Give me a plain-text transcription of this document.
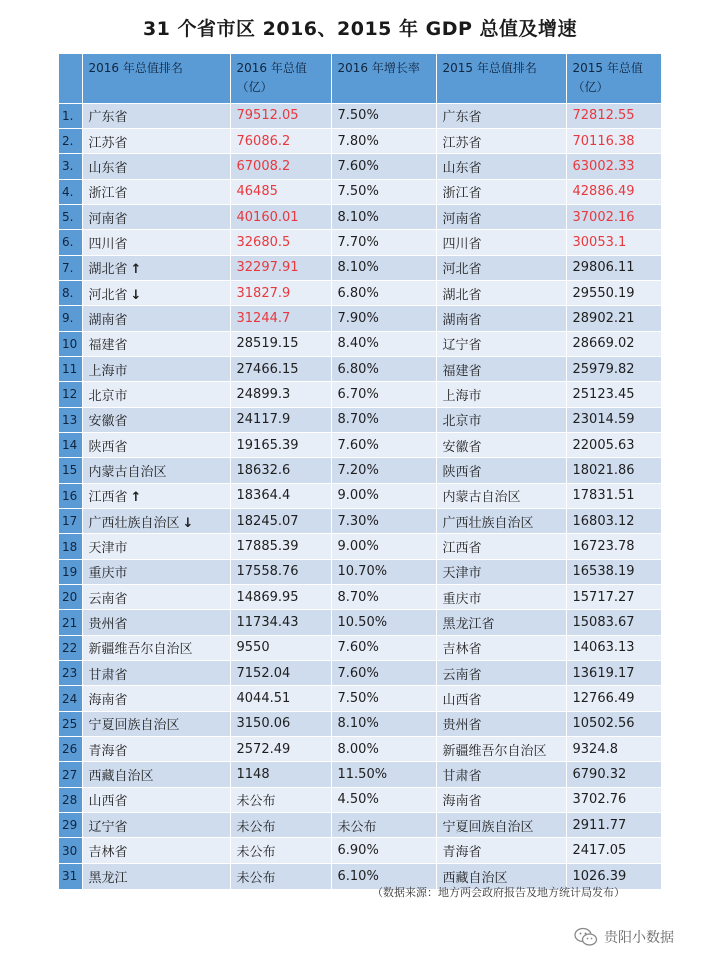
31 个省市区 2016、2015 年 GDP 总值及增速
	2016 年总值排名	2016 年总值（亿）	2016 年增长率	2015 年总值排名	2015 年总值（亿）
1.	广东省	79512.05	7.50%	广东省	72812.55
2.	江苏省	76086.2	7.80%	江苏省	70116.38
3.	山东省	67008.2	7.60%	山东省	63002.33
4.	浙江省	46485	7.50%	浙江省	42886.49
5.	河南省	40160.01	8.10%	河南省	37002.16
6.	四川省	32680.5	7.70%	四川省	30053.1
7.	湖北省 ↑	32297.91	8.10%	河北省	29806.11
8.	河北省 ↓	31827.9	6.80%	湖北省	29550.19
9.	湖南省	31244.7	7.90%	湖南省	28902.21
10	福建省	28519.15	8.40%	辽宁省	28669.02
11	上海市	27466.15	6.80%	福建省	25979.82
12	北京市	24899.3	6.70%	上海市	25123.45
13	安徽省	24117.9	8.70%	北京市	23014.59
14	陕西省	19165.39	7.60%	安徽省	22005.63
15	内蒙古自治区	18632.6	7.20%	陕西省	18021.86
16	江西省 ↑	18364.4	9.00%	内蒙古自治区	17831.51
17	广西壮族自治区 ↓	18245.07	7.30%	广西壮族自治区	16803.12
18	天津市	17885.39	9.00%	江西省	16723.78
19	重庆市	17558.76	10.70%	天津市	16538.19
20	云南省	14869.95	8.70%	重庆市	15717.27
21	贵州省	11734.43	10.50%	黑龙江省	15083.67
22	新疆维吾尔自治区	9550	7.60%	吉林省	14063.13
23	甘肃省	7152.04	7.60%	云南省	13619.17
24	海南省	4044.51	7.50%	山西省	12766.49
25	宁夏回族自治区	3150.06	8.10%	贵州省	10502.56
26	青海省	2572.49	8.00%	新疆维吾尔自治区	9324.8
27	西藏自治区	1148	11.50%	甘肃省	6790.32
28	山西省	未公布	4.50%	海南省	3702.76
29	辽宁省	未公布	未公布	宁夏回族自治区	2911.77
30	吉林省	未公布	6.90%	青海省	2417.05
31	黑龙江	未公布	6.10%	西藏自治区	1026.39
（数据来源：地方两会政府报告及地方统计局发布）
贵阳小数据
